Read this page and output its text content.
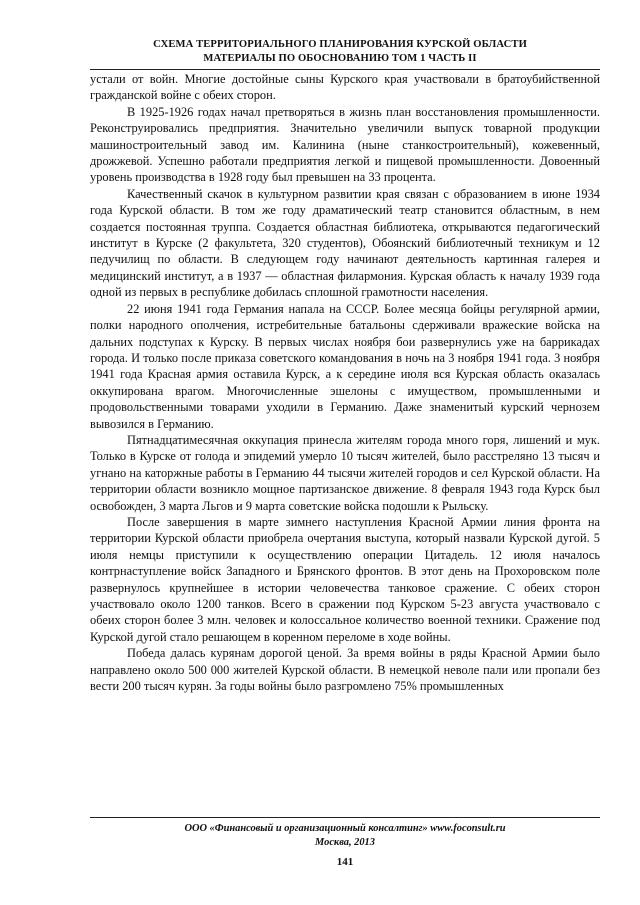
СХЕМА ТЕРРИТОРИАЛЬНОГО ПЛАНИРОВАНИЯ КУРСКОЙ ОБЛАСТИ
МАТЕРИАЛЫ ПО ОБОСНОВАНИЮ ТОМ 1 ЧАСТЬ II

устали от войн. Многие достойные сыны Курского края участвовали в братоубийственной гражданской войне с обеих сторон.

В 1925-1926 годах начал претворяться в жизнь план восстановления промышленности. Реконструировались предприятия. Значительно увеличили выпуск товарной продукции машиностроительный завод им. Калинина (ныне станкостроительный), кожевенный, дрожжевой. Успешно работали предприятия легкой и пищевой промышленности. Довоенный уровень производства в 1928 году был превышен на 33 процента.

Качественный скачок в культурном развитии края связан с образованием в июне 1934 года Курской области. В том же году драматический театр становится областным, в нем создается постоянная труппа. Создается областная библиотека, открываются педагогический институт в Курске (2 факультета, 320 студентов), Обоянский библиотечный техникум и 12 педучилищ по области. В следующем году начинают деятельность картинная галерея и медицинский институт, а в 1937 — областная филармония. Курская область к началу 1939 года одной из первых в республике добилась сплошной грамотности населения.

22 июня 1941 года Германия напала на СССР. Более месяца бойцы регулярной армии, полки народного ополчения, истребительные батальоны сдерживали вражеские войска на дальних подступах к Курску. В первых числах ноября бои развернулись уже на баррикадах города. И только после приказа советского командования в ночь на 3 ноября 1941 года. 3 ноября 1941 года Красная армия оставила Курск, а к середине июля вся Курская область оказалась оккупирована врагом. Многочисленные эшелоны с имуществом, промышленными и продовольственными товарами уходили в Германию. Даже знаменитый курский чернозем вывозился в Германию.

Пятнадцатимесячная оккупация принесла жителям города много горя, лишений и мук. Только в Курске от голода и эпидемий умерло 10 тысяч жителей, было расстреляно 13 тысяч и угнано на каторжные работы в Германию 44 тысячи жителей городов и сел Курской области. На территории области возникло мощное партизанское движение. 8 февраля 1943 года Курск был освобожден, 3 марта Льгов и 9 марта советские войска подошли к Рыльску.

После завершения в марте зимнего наступления Красной Армии линия фронта на территории Курской области приобрела очертания выступа, который назвали Курской дугой. 5 июля немцы приступили к осуществлению операции Цитадель. 12 июля началось контрнаступление войск Западного и Брянского фронтов. В этот день на Прохоровском поле развернулось крупнейшее в истории человечества танковое сражение. С обеих сторон участвовало около 1200 танков. Всего в сражении под Курском 5-23 августа участвовало с обеих сторон более 3 млн. человек и колоссальное количество военной техники. Сражение под Курской дугой стало решающем в коренном переломе в ходе войны.

Победа далась курянам дорогой ценой. За время войны в ряды Красной Армии было направлено около 500 000 жителей Курской области. В немецкой неволе пали или пропали без вести 200 тысяч курян. За годы войны было разгромлено 75% промышленных

ООО «Финансовый и организационный консалтинг» www.foconsult.ru
Москва, 2013
141
